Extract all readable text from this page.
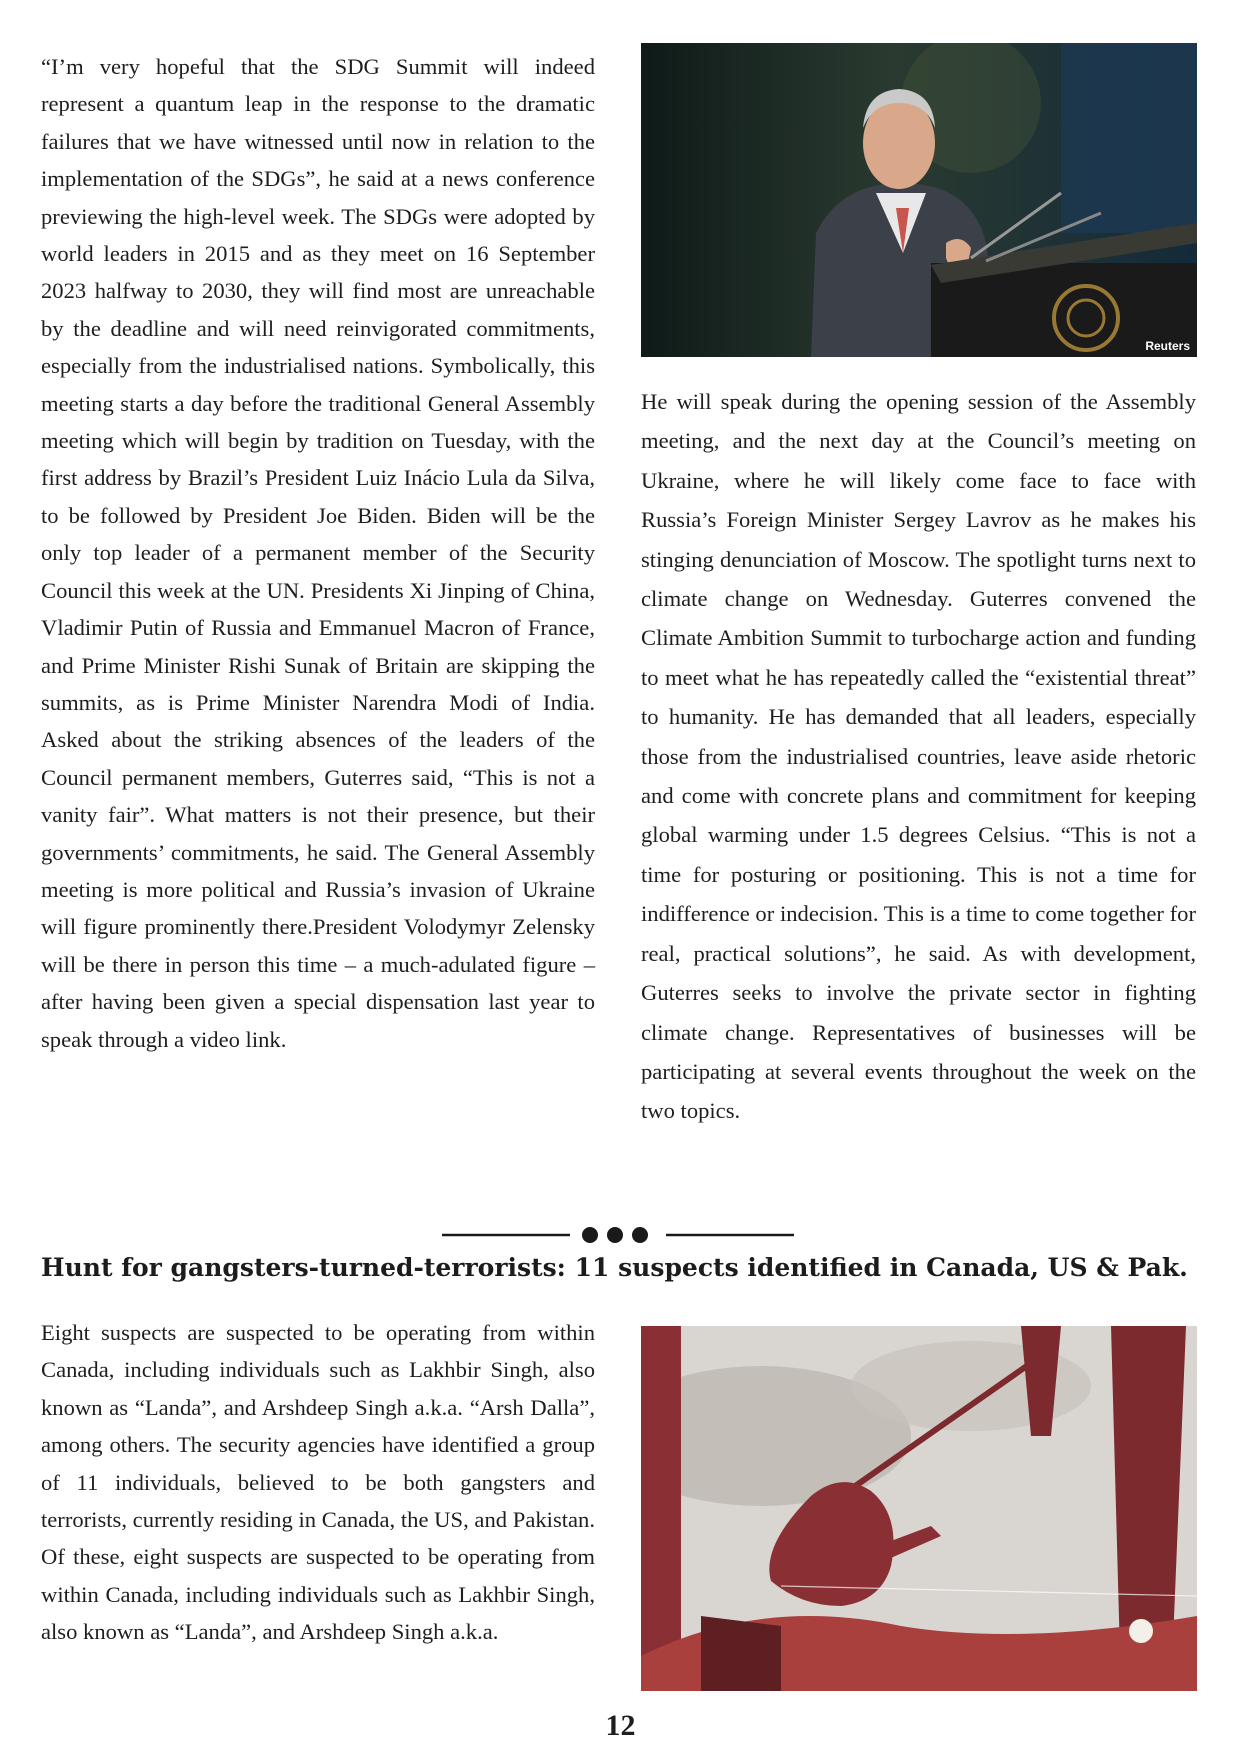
“I’m very hopeful that the SDG Summit will indeed represent a quantum leap in the response to the dramatic failures that we have witnessed until now in relation to the implementation of the SDGs”, he said at a news conference previewing the high-level week. The SDGs were adopted by world leaders in 2015 and as they meet on 16 September 2023 halfway to 2030, they will find most are unreachable by the deadline and will need reinvigorated commitments, especially from the industrialised nations. Symbolically, this meeting starts a day before the traditional General Assembly meeting which will begin by tradition on Tuesday, with the first address by Brazil’s President Luiz Inácio Lula da Silva, to be followed by President Joe Biden. Biden will be the only top leader of a permanent member of the Security Council this week at the UN. Presidents Xi Jinping of China, Vladimir Putin of Russia and Emmanuel Macron of France, and Prime Minister Rishi Sunak of Britain are skipping the summits, as is Prime Minister Narendra Modi of India. Asked about the striking absences of the leaders of the Council permanent members, Guterres said, “This is not a vanity fair”. What matters is not their presence, but their governments’ commitments, he said. The General Assembly meeting is more political and Russia’s invasion of Ukraine will figure prominently there.President Volodymyr Zelensky will be there in person this time – a much-adulated figure – after having been given a special dispensation last year to speak through a video link.
Reuters
He will speak during the opening session of the Assembly meeting, and the next day at the Council’s meeting on Ukraine, where he will likely come face to face with Russia’s Foreign Minister Sergey Lavrov as he makes his stinging denunciation of Moscow. The spotlight turns next to climate change on Wednesday. Guterres convened the Climate Ambition Summit to turbocharge action and funding to meet what he has repeatedly called the “existential threat” to humanity. He has demanded that all leaders, especially those from the industrialised countries, leave aside rhetoric and come with concrete plans and commitment for keeping global warming under 1.5 degrees Celsius. “This is not a time for posturing or positioning. This is not a time for indifference or indecision. This is a time to come together for real, practical solutions”, he said. As with development, Guterres seeks to involve the private sector in fighting climate change. Representatives of businesses will be participating at several events throughout the week on the two topics.
Hunt for gangsters-turned-terrorists: 11 suspects identified in Canada, US & Pak.
Eight suspects are suspected to be operating from within Canada, including individuals such as Lakhbir Singh, also known as “Landa”, and Arshdeep Singh a.k.a. “Arsh Dalla”, among others. The security agencies have identified a group of 11 individuals, believed to be both gangsters and terrorists, currently residing in Canada, the US, and Pakistan. Of these, eight suspects are suspected to be operating from within Canada, including individuals such as Lakhbir Singh, also known as “Landa”, and Arshdeep Singh a.k.a.
12
